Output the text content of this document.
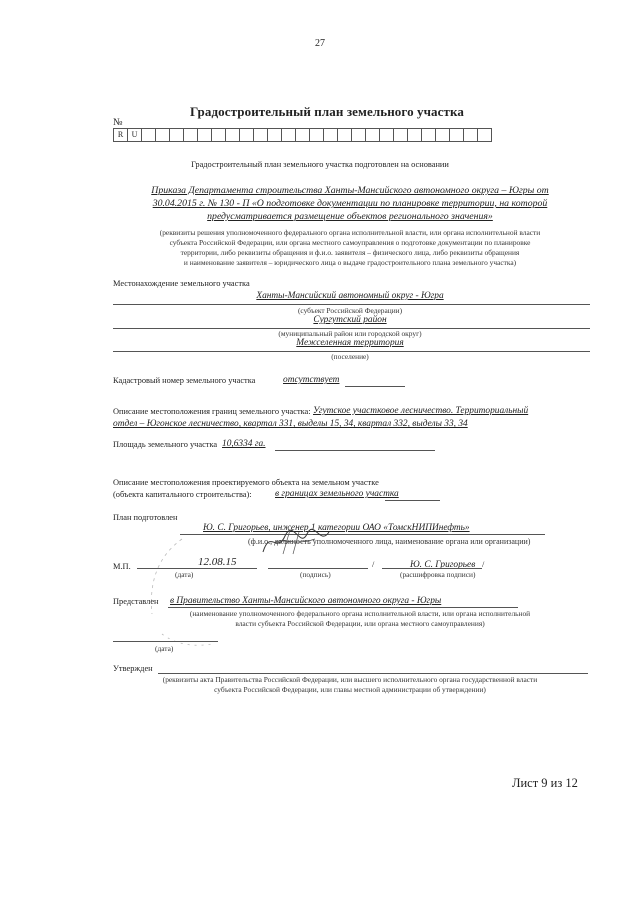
27
Градостроительный план земельного участка
№
R	U
Градостроительный план земельного участка подготовлен на основании
Приказа Департамента строительства Ханты-Мансийского автономного округа – Югры от
30.04.2015 г. № 130 - П «О подготовке документации по планировке территории, на которой
предусматривается размещение объектов регионального значения»
(реквизиты решения уполномоченного федерального органа исполнительной власти, или органа исполнительной власти
субъекта Российской Федерации, или органа местного самоуправления о подготовке документации по планировке
территории, либо реквизиты обращения и ф.и.о. заявителя – физического лица, либо реквизиты обращения
и наименование заявителя – юридического лица о выдаче градостроительного плана земельного участка)
Местонахождение земельного участка
Ханты-Мансийский автономный округ - Югра
(субъект Российской Федерации)
Сургутский район
(муниципальный район или городской округ)
Межселенная территория
(поселение)
Кадастровый номер земельного участка	отсутствует
Описание местоположения границ земельного участка: Угутское участковое лесничество. Территориальный
отдел – Югонское лесничество, квартал 331, выделы 15, 34, квартал 332, выделы 33, 34
Площадь земельного участка 10,6334 га.
Описание местоположения проектируемого объекта на земельном участке
(объекта капитального строительства): в границах земельного участка
План подготовлен
Ю. С. Григорьев, инженер 1 категории ОАО «ТомскНИПИнефть»
(ф.и.о., должность уполномоченного лица, наименование органа или организации)
М.П.	12.08.15
(дата)	(подпись)
/	Ю. С. Григорьев /
(расшифровка подписи)
Представлен в Правительство Ханты-Мансийского автономного округа - Югры
(наименование уполномоченного федерального органа исполнительной власти, или органа исполнительной
власти субъекта Российской Федерации, или органа местного самоуправления)
(дата)
Утвержден
(реквизиты акта Правительства Российской Федерации, или высшего исполнительного органа государственной власти
субъекта Российской Федерации, или главы местной администрации об утверждении)
Лист 9 из 12
